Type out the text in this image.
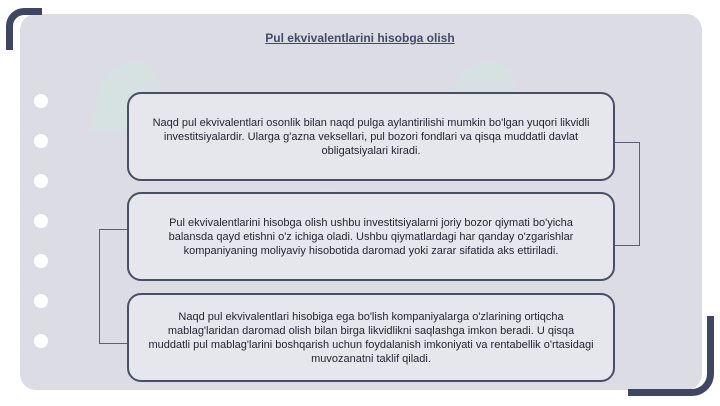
Pul ekvivalentlarini hisobga olish
Naqd pul ekvivalentlari osonlik bilan naqd pulga aylantirilishi mumkin bo'lgan yuqori likvidli investitsiyalardir. Ularga g'azna veksellari, pul bozori fondlari va qisqa muddatli davlat obligatsiyalari kiradi.
Pul ekvivalentlarini hisobga olish ushbu investitsiyalarni joriy bozor qiymati bo'yicha balansda qayd etishni o'z ichiga oladi. Ushbu qiymatlardagi har qanday o'zgarishlar kompaniyaning moliyaviy hisobotida daromad yoki zarar sifatida aks ettiriladi.
Naqd pul ekvivalentlari hisobiga ega bo'lish kompaniyalarga o'zlarining ortiqcha mablag'laridan daromad olish bilan birga likvidlikni saqlashga imkon beradi. U qisqa muddatli pul mablag'larini boshqarish uchun foydalanish imkoniyati va rentabellik o'rtasidagi muvozanatni taklif qiladi.
